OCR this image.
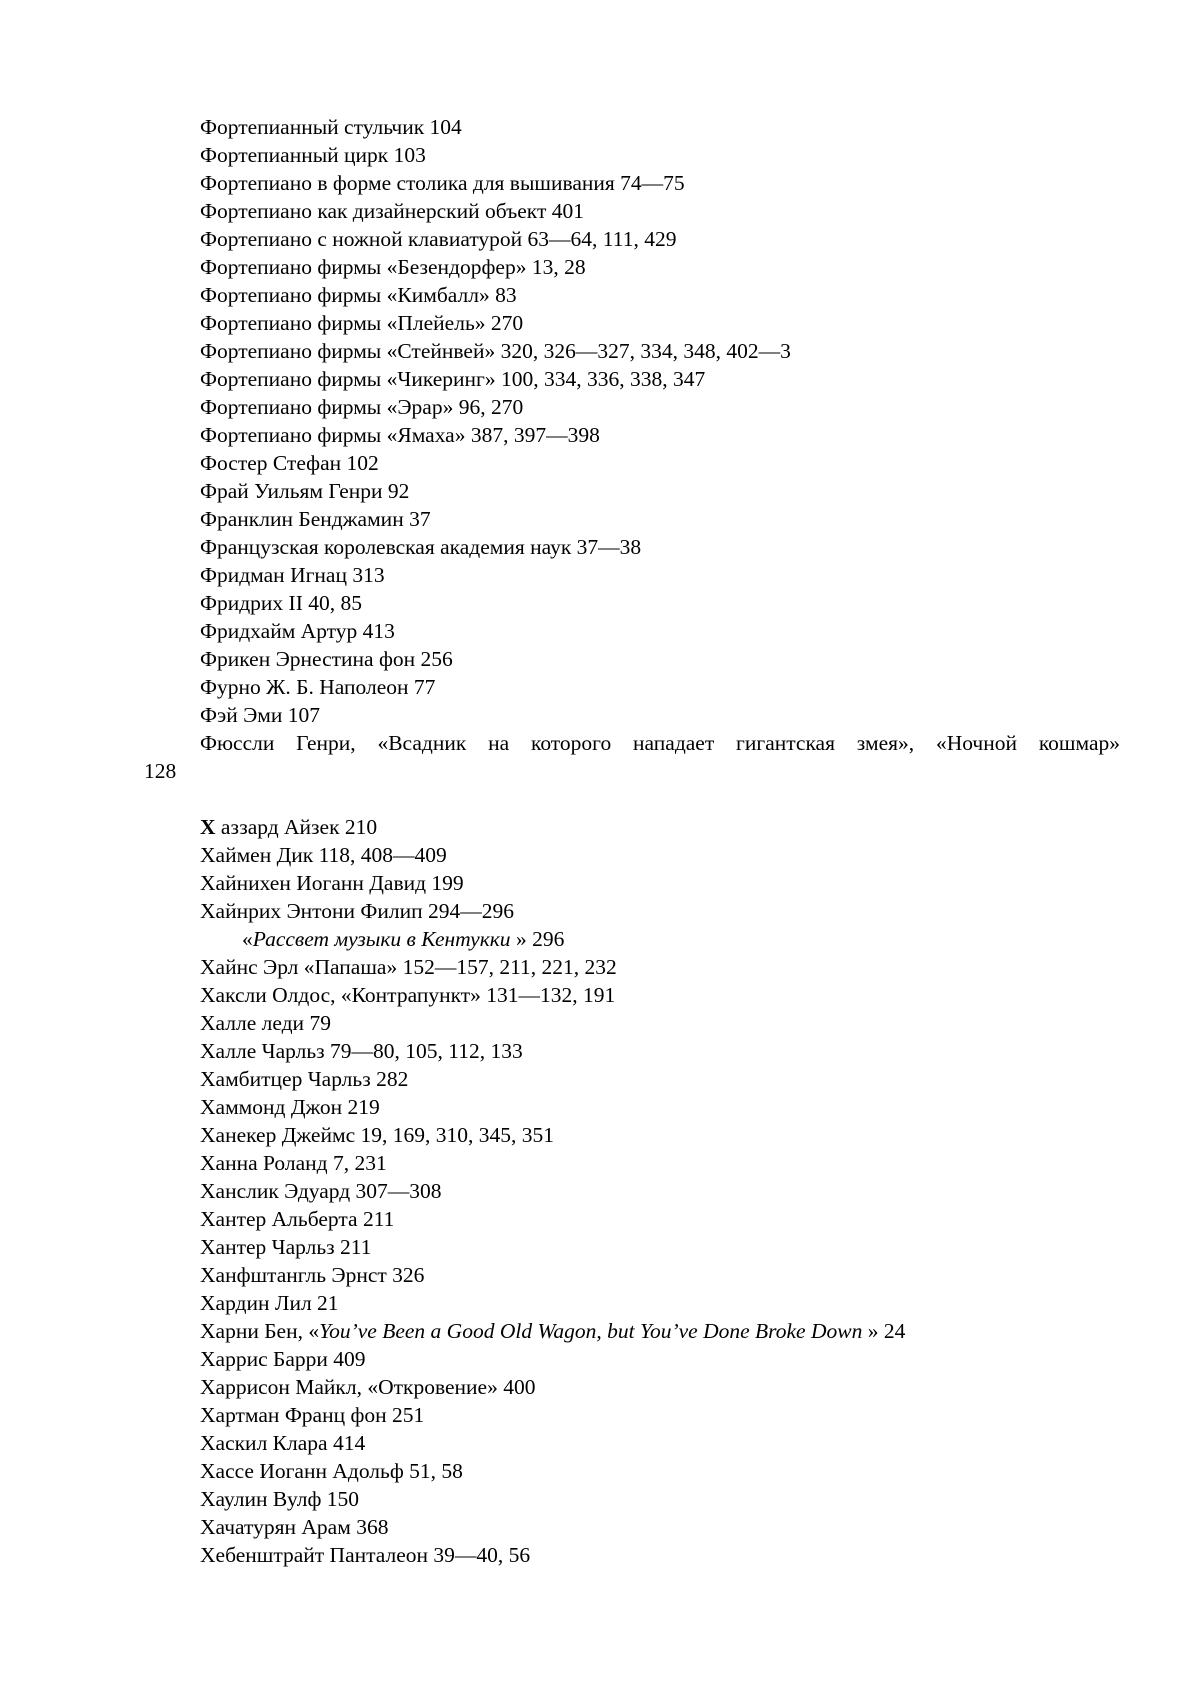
Фортепианный стульчик 104
Фортепианный цирк 103
Фортепиано в форме столика для вышивания 74—75
Фортепиано как дизайнерский объект 401
Фортепиано с ножной клавиатурой 63—64, 111, 429
Фортепиано фирмы «Безендорфер» 13, 28
Фортепиано фирмы «Кимбалл» 83
Фортепиано фирмы «Плейель» 270
Фортепиано фирмы «Стейнвей» 320, 326—327, 334, 348, 402—3
Фортепиано фирмы «Чикеринг» 100, 334, 336, 338, 347
Фортепиано фирмы «Эрар» 96, 270
Фортепиано фирмы «Ямаха» 387, 397—398
Фостер Стефан 102
Фрай Уильям Генри 92
Франклин Бенджамин 37
Французская королевская академия наук 37—38
Фридман Игнац 313
Фридрих II 40, 85
Фридхайм Артур 413
Фрикен Эрнестина фон 256
Фурно Ж. Б. Наполеон 77
Фэй Эми 107
Фюссли Генри, «Всадник на которого нападает гигантская змея», «Ночной кошмар»
128
Х аззард Айзек 210
Хаймен Дик 118, 408—409
Хайнихен Иоганн Давид 199
Хайнрих Энтони Филип 294—296
«Рассвет музыки в Кентукки » 296
Хайнс Эрл «Папаша» 152—157, 211, 221, 232
Хаксли Олдос, «Контрапункт» 131—132, 191
Халле леди 79
Халле Чарльз 79—80, 105, 112, 133
Хамбитцер Чарльз 282
Хаммонд Джон 219
Ханекер Джеймс 19, 169, 310, 345, 351
Ханна Роланд 7, 231
Ханслик Эдуард 307—308
Хантер Альберта 211
Хантер Чарльз 211
Ханфштангль Эрнст 326
Хардин Лил 21
Харни Бен, «You’ve Been a Good Old Wagon, but You’ve Done Broke Down » 24
Харрис Барри 409
Харрисон Майкл, «Откровение» 400
Хартман Франц фон 251
Хаскил Клара 414
Хассе Иоганн Адольф 51, 58
Хаулин Вулф 150
Хачатурян Арам 368
Хебенштрайт Панталеон 39—40, 56
